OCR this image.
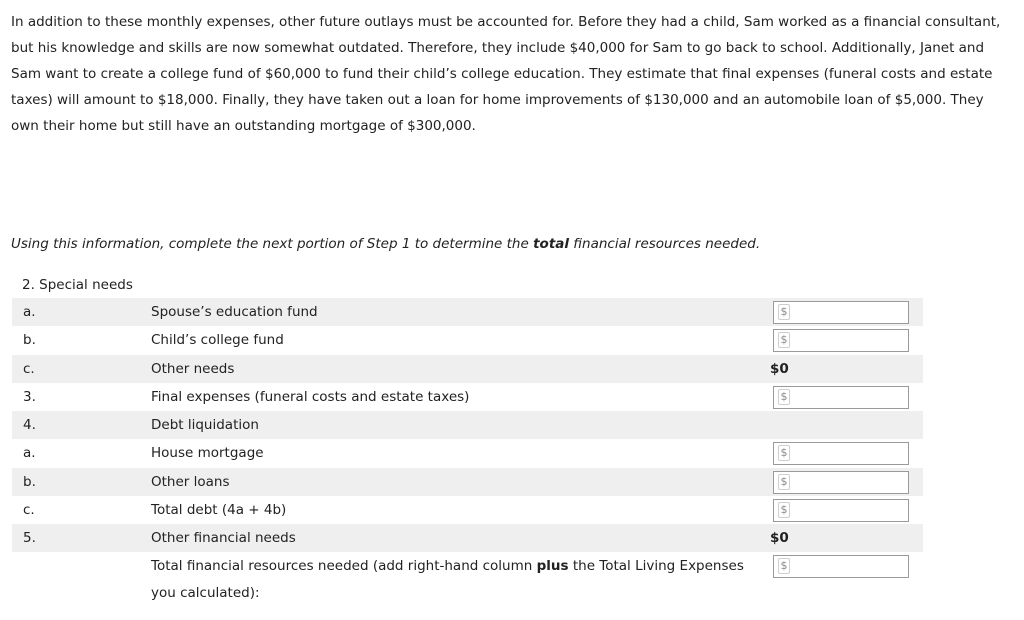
In addition to these monthly expenses, other future outlays must be accounted for. Before they had a child, Sam worked as a financial consultant, but his knowledge and skills are now somewhat outdated. Therefore, they include $40,000 for Sam to go back to school. Additionally, Janet and Sam want to create a college fund of $60,000 to fund their child’s college education. They estimate that final expenses (funeral costs and estate taxes) will amount to $18,000. Finally, they have taken out a loan for home improvements of $130,000 and an automobile loan of $5,000. They own their home but still have an outstanding mortgage of $300,000.

Using this information, complete the next portion of Step 1 to determine the total financial resources needed.

2. Special needs

a.	Spouse’s education fund	$
b.	Child’s college fund	$
c.	Other needs	$0
3.	Final expenses (funeral costs and estate taxes)	$
4.	Debt liquidation
a.	House mortgage	$
b.	Other loans	$
c.	Total debt (4a + 4b)	$
5.	Other financial needs	$0
Total financial resources needed (add right-hand column plus the Total Living Expenses you calculated):
$
